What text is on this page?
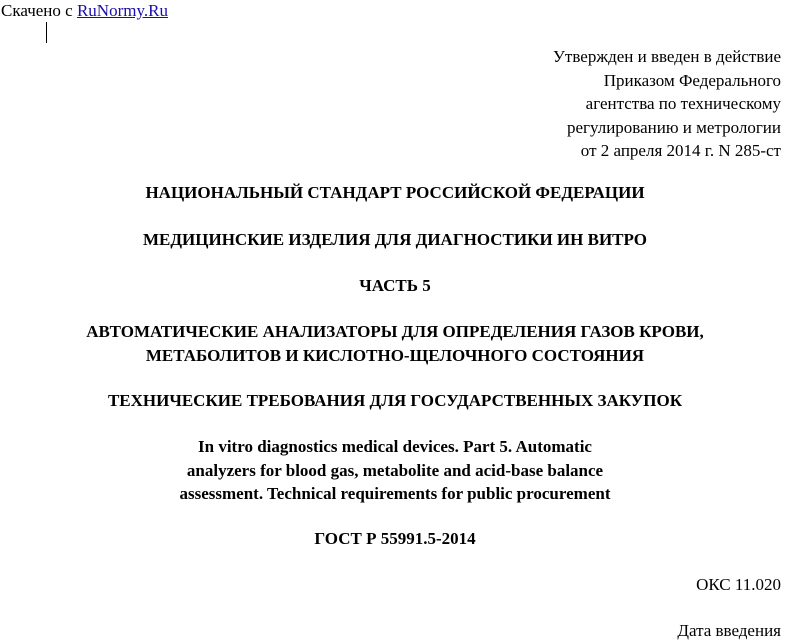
Скачено с RuNormy.Ru
Утвержден и введен в действие
Приказом Федерального
агентства по техническому
регулированию и метрологии
от 2 апреля 2014 г. N 285-ст
НАЦИОНАЛЬНЫЙ СТАНДАРТ РОССИЙСКОЙ ФЕДЕРАЦИИ
МЕДИЦИНСКИЕ ИЗДЕЛИЯ ДЛЯ ДИАГНОСТИКИ ИН ВИТРО
ЧАСТЬ 5
АВТОМАТИЧЕСКИЕ АНАЛИЗАТОРЫ ДЛЯ ОПРЕДЕЛЕНИЯ ГАЗОВ КРОВИ,
МЕТАБОЛИТОВ И КИСЛОТНО-ЩЕЛОЧНОГО СОСТОЯНИЯ
ТЕХНИЧЕСКИЕ ТРЕБОВАНИЯ ДЛЯ ГОСУДАРСТВЕННЫХ ЗАКУПОК
In vitro diagnostics medical devices. Part 5. Automatic
analyzers for blood gas, metabolite and acid-base balance
assessment. Technical requirements for public procurement
ГОСТ Р 55991.5-2014
ОКС 11.020
Дата введения
